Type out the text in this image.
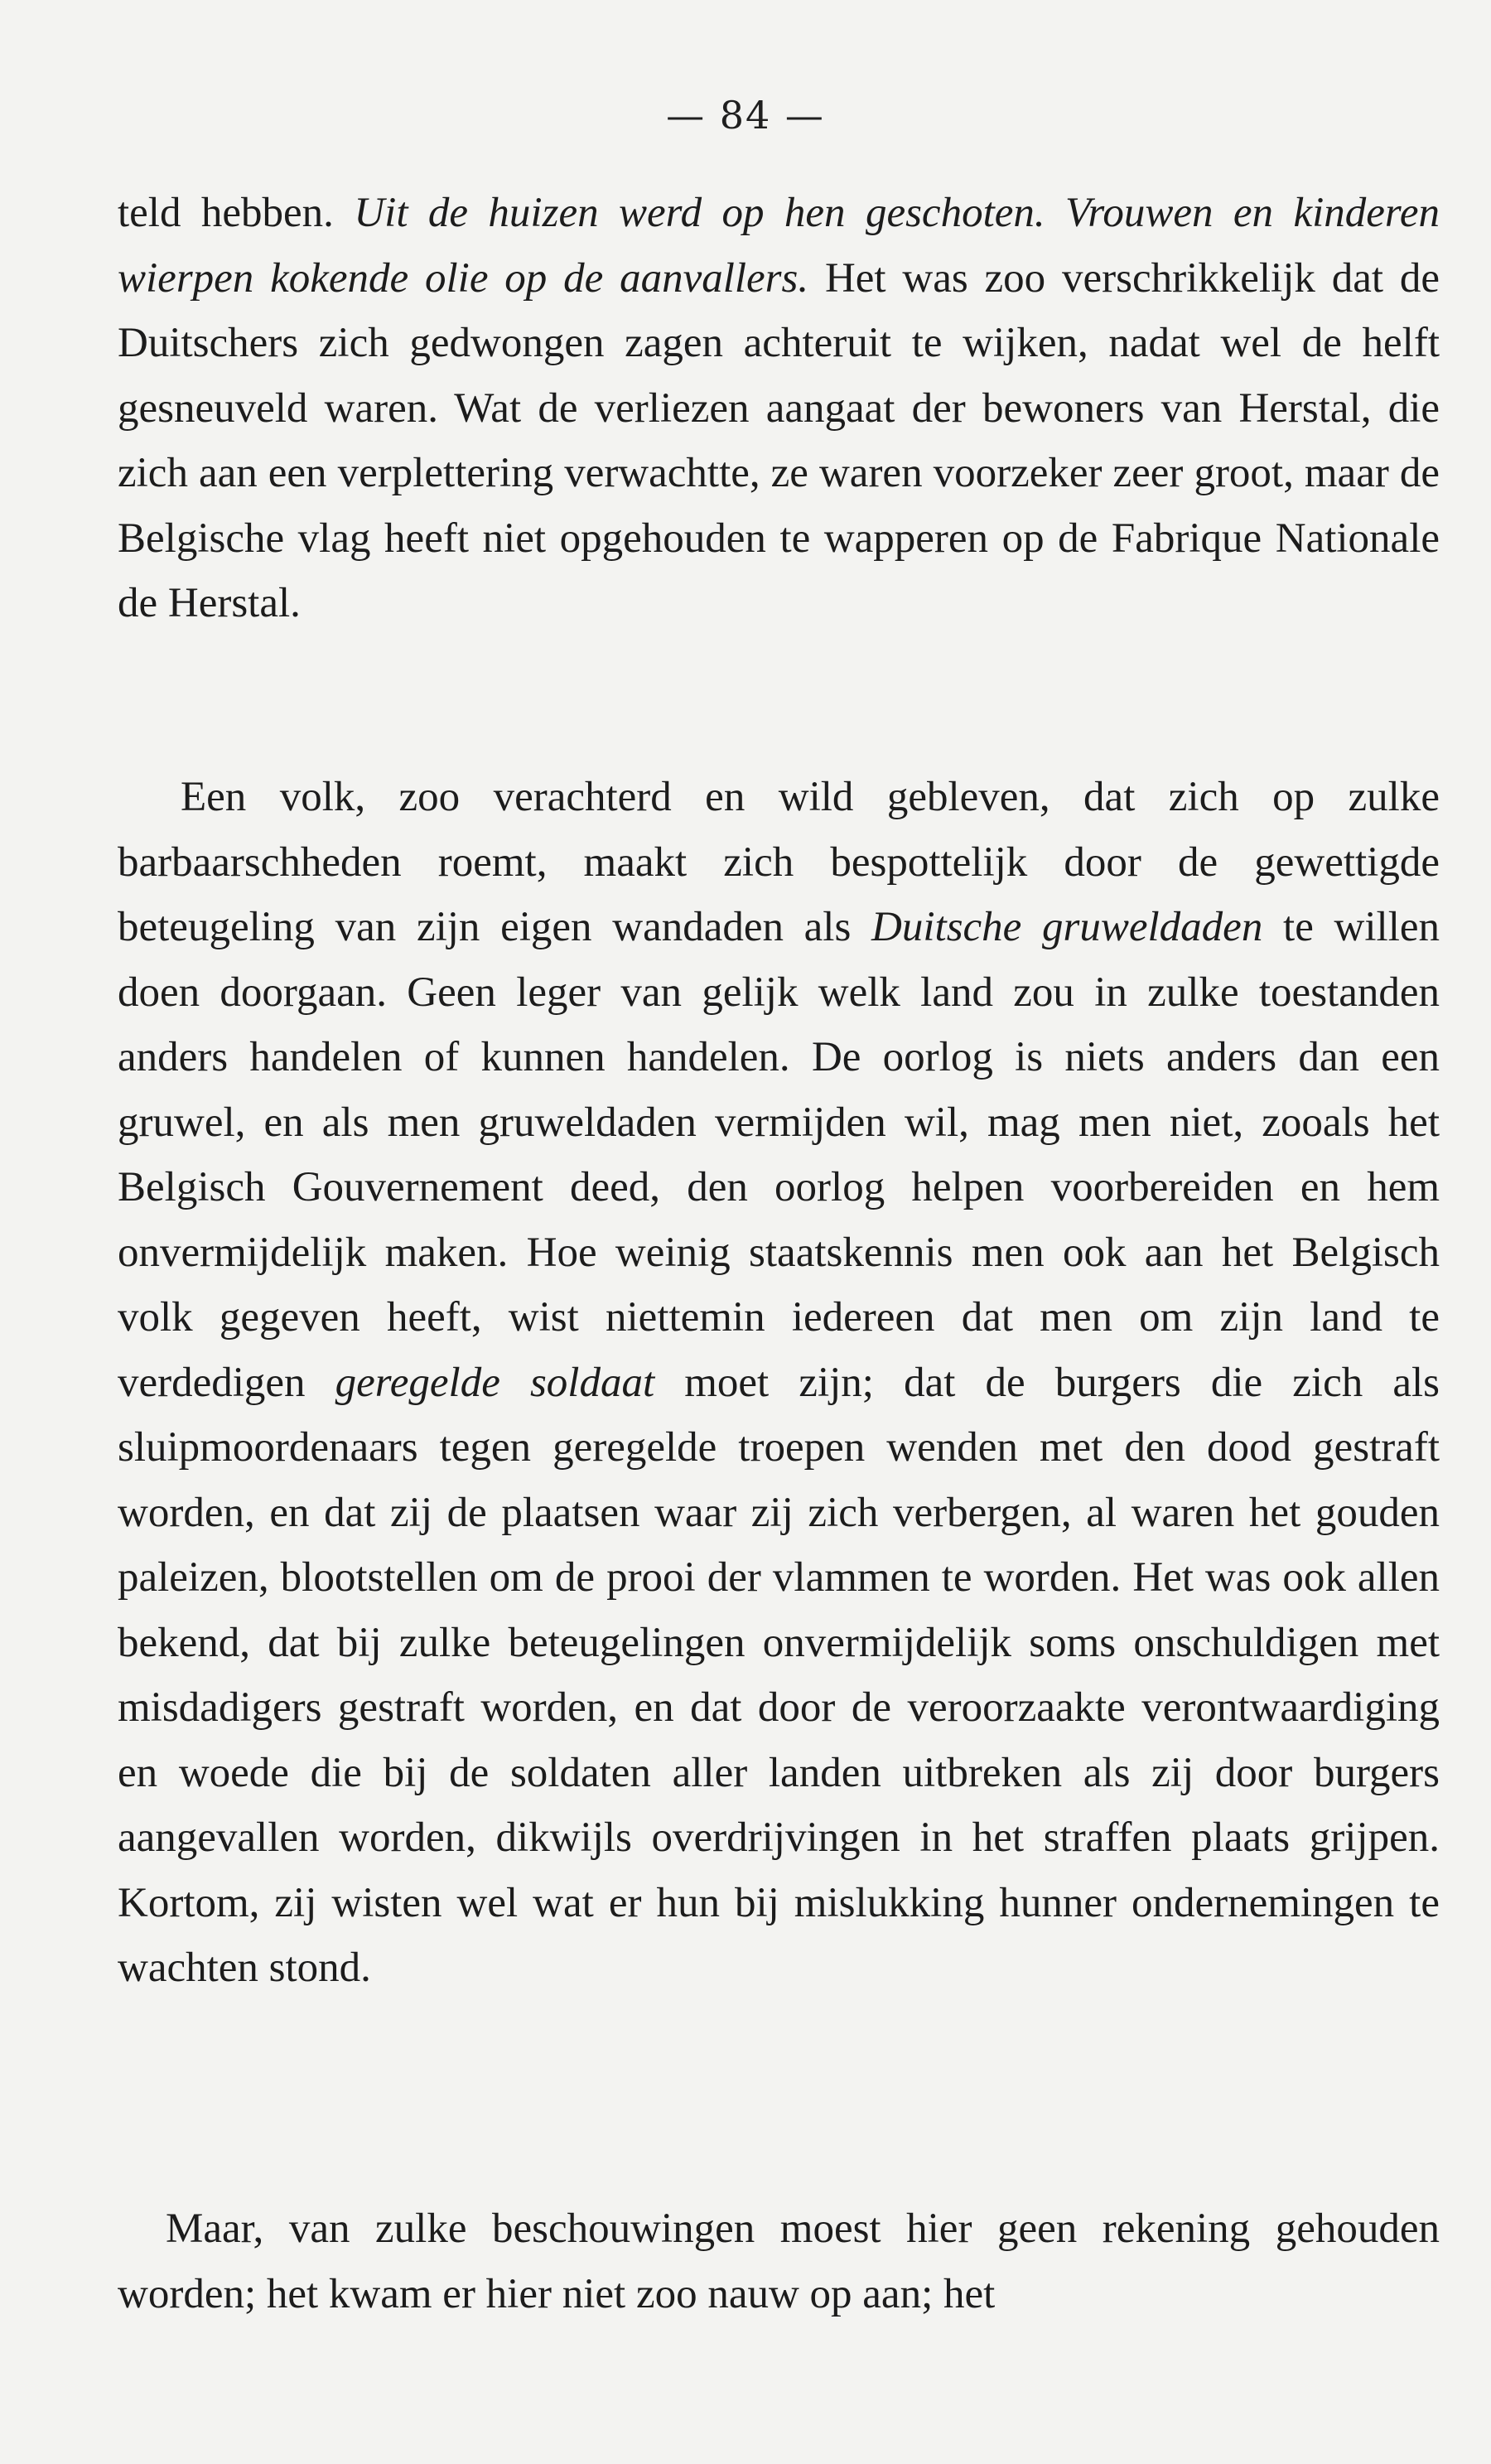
— 84 —
teld hebben. Uit de huizen werd op hen geschoten. Vrouwen en kinderen wierpen kokende olie op de aanvallers. Het was zoo verschrikkelijk dat de Duitschers zich gedwongen zagen achteruit te wijken, nadat wel de helft gesneuveld waren. Wat de verliezen aangaat der bewoners van Herstal, die zich aan een verplettering verwachtte, ze waren voorzeker zeer groot, maar de Belgische vlag heeft niet opgehouden te wapperen op de Fabrique Nationale de Herstal.
Een volk, zoo verachterd en wild gebleven, dat zich op zulke barbaarschheden roemt, maakt zich bespottelijk door de gewettigde beteugeling van zijn eigen wandaden als Duitsche gruweldaden te willen doen doorgaan. Geen leger van gelijk welk land zou in zulke toestanden anders handelen of kunnen handelen. De oorlog is niets anders dan een gruwel, en als men gruweldaden vermijden wil, mag men niet, zooals het Belgisch Gouvernement deed, den oorlog helpen voorbereiden en hem onvermijdelijk maken. Hoe weinig staatskennis men ook aan het Belgisch volk gegeven heeft, wist niettemin iedereen dat men om zijn land te verdedigen geregelde soldaat moet zijn; dat de burgers die zich als sluipmoordenaars tegen geregelde troepen wenden met den dood gestraft worden, en dat zij de plaatsen waar zij zich verbergen, al waren het gouden paleizen, blootstellen om de prooi der vlammen te worden. Het was ook allen bekend, dat bij zulke beteugelingen onvermijdelijk soms onschuldigen met misdadigers gestraft worden, en dat door de veroorzaakte verontwaardiging en woede die bij de soldaten aller landen uitbreken als zij door burgers aangevallen worden, dikwijls overdrijvingen in het straffen plaats grijpen. Kortom, zij wisten wel wat er hun bij mislukking hunner ondernemingen te wachten stond.
Maar, van zulke beschouwingen moest hier geen rekening gehouden worden; het kwam er hier niet zoo nauw op aan; het
